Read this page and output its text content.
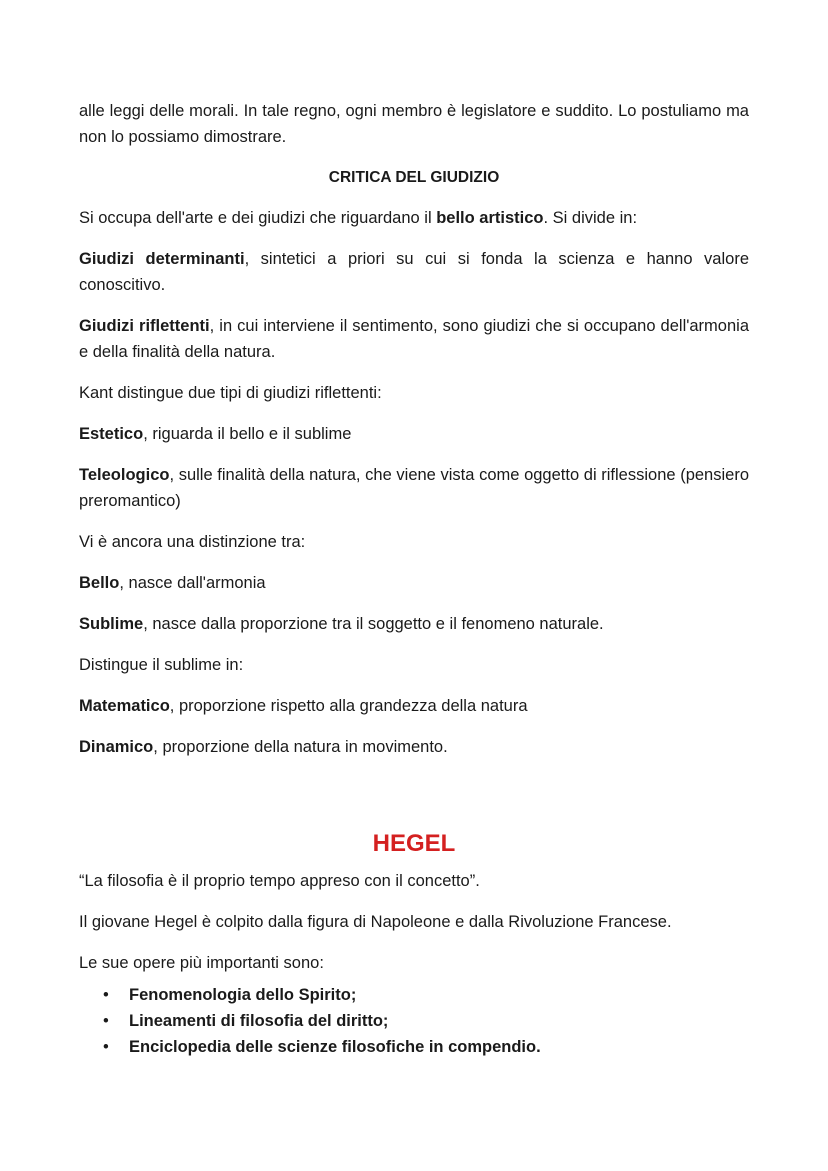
alle leggi delle morali. In tale regno, ogni membro è legislatore e suddito. Lo postuliamo ma non lo possiamo dimostrare.

CRITICA DEL GIUDIZIO

Si occupa dell'arte e dei giudizi che riguardano il bello artistico. Si divide in:

Giudizi determinanti, sintetici a priori su cui si fonda la scienza e hanno valore conoscitivo.

Giudizi riflettenti, in cui interviene il sentimento, sono giudizi che si occupano dell'armonia e della finalità della natura.

Kant distingue due tipi di giudizi riflettenti:

Estetico, riguarda il bello e il sublime

Teleologico, sulle finalità della natura, che viene vista come oggetto di riflessione (pensiero preromantico)

Vi è ancora una distinzione tra:

Bello, nasce dall'armonia

Sublime, nasce dalla proporzione tra il soggetto e il fenomeno naturale.

Distingue il sublime in:

Matematico, proporzione rispetto alla grandezza della natura

Dinamico, proporzione della natura in movimento.

HEGEL

“La filosofia è il proprio tempo appreso con il concetto”.

Il giovane Hegel è colpito dalla figura di Napoleone e dalla Rivoluzione Francese.

Le sue opere più importanti sono:

• Fenomenologia dello Spirito;
• Lineamenti di filosofia del diritto;
• Enciclopedia delle scienze filosofiche in compendio.
